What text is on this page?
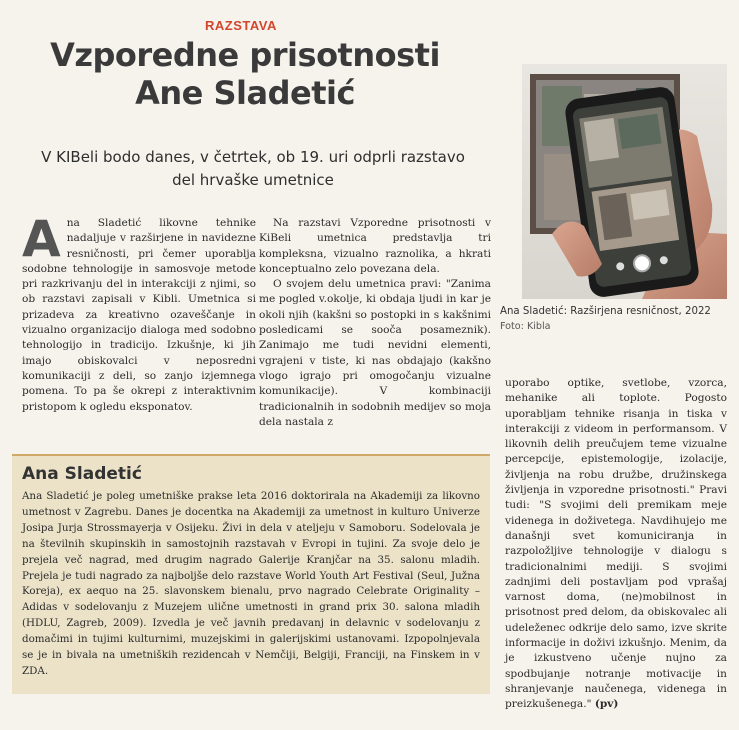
RAZSTAVA
Vzporedne prisotnosti
Ane Sladetić
V KIBeli bodo danes, v četrtek, ob 19. uri odprli razstavo
del hrvaške umetnice
A na Sladetić likovne tehnike nadaljuje v razširjene in navidezne resničnosti, pri čemer uporablja sodobne tehnologije in samosvoje metode pri razkrivanju del in interakciji z njimi, so ob razstavi zapisali v Kibli. Umetnica si prizadeva za kreativno ozaveščanje in vizualno organizacijo dialoga med sodobno tehnologijo in tradicijo. Izkušnje, ki jih imajo obiskovalci v neposredni komunikaciji z deli, so zanjo izjemnega pomena. To pa še okrepi z interaktivnim pristopom k ogledu eksponatov.

Na razstavi Vzporedne prisotnosti v KiBeli umetnica predstavlja tri kompleksna, vizualno raznolika, a hkrati konceptualno zelo povezana dela.

O svojem delu umetnica pravi: "Zanima me pogled v.okolje, ki obdaja ljudi in kar je okoli njih (kakšni so postopki in s kakšnimi posledicami se sooča posameznik). Zanimajo me tudi nevidni elementi, vgrajeni v tiste, ki nas obdajajo (kakšno vlogo igrajo pri omogočanju vizualne komunikacije). V kombinaciji tradicionalnih in sodobnih medijev so moja dela nastala z

Ana Sladetić: Razširjena resničnost, 2022
Foto: Kibla

uporabo optike, svetlobe, vzorca, mehanike ali toplote. Pogosto uporabljam tehnike risanja in tiska v interakciji z videom in performansom. V likovnih delih preučujem teme vizualne percepcije, epistemologije, izolacije, življenja na robu družbe, družinskega življenja in vzporedne prisotnosti." Pravi tudi: "S svojimi deli premikam meje videnega in doživetega. Navdihujejo me današnji svet komuniciranja in razpoložljive tehnologije v dialogu s tradicionalnimi mediji. S svojimi zadnjimi deli postavljam pod vprašaj varnost doma, (ne)mobilnost in prisotnost pred delom, da obiskovalec ali udeleženec odkrije delo samo, izve skrite informacije in doživi izkušnjo. Menim, da je izkustveno učenje nujno za spodbujanje notranje motivacije in shranjevanje naučenega, videnega in preizkušenega." (pv)

Ana Sladetić
Ana Sladetić je poleg umetniške prakse leta 2016 doktorirala na Akademiji za likovno umetnost v Zagrebu. Danes je docentka na Akademiji za umetnost in kulturo Univerze Josipa Jurja Strossmayerja v Osijeku. Živi in dela v ateljeju v Samoboru. Sodelovala je na številnih skupinskih in samostojnih razstavah v Evropi in tujini. Za svoje delo je prejela več nagrad, med drugim nagrado Galerije Kranjčar na 35. salonu mladih. Prejela je tudi nagrado za najboljše delo razstave World Youth Art Festival (Seul, Južna Koreja), ex aequo na 25. slavonskem bienalu, prvo nagrado Celebrate Originality – Adidas v sodelovanju z Muzejem ulične umetnosti in grand prix 30. salona mladih (HDLU, Zagreb, 2009). Izvedla je več javnih predavanj in delavnic v sodelovanju z domačimi in tujimi kulturnimi, muzejskimi in galerijskimi ustanovami. Izpopolnjevala se je in bivala na umetniških rezidencah v Nemčiji, Belgiji, Franciji, na Finskem in v ZDA.
